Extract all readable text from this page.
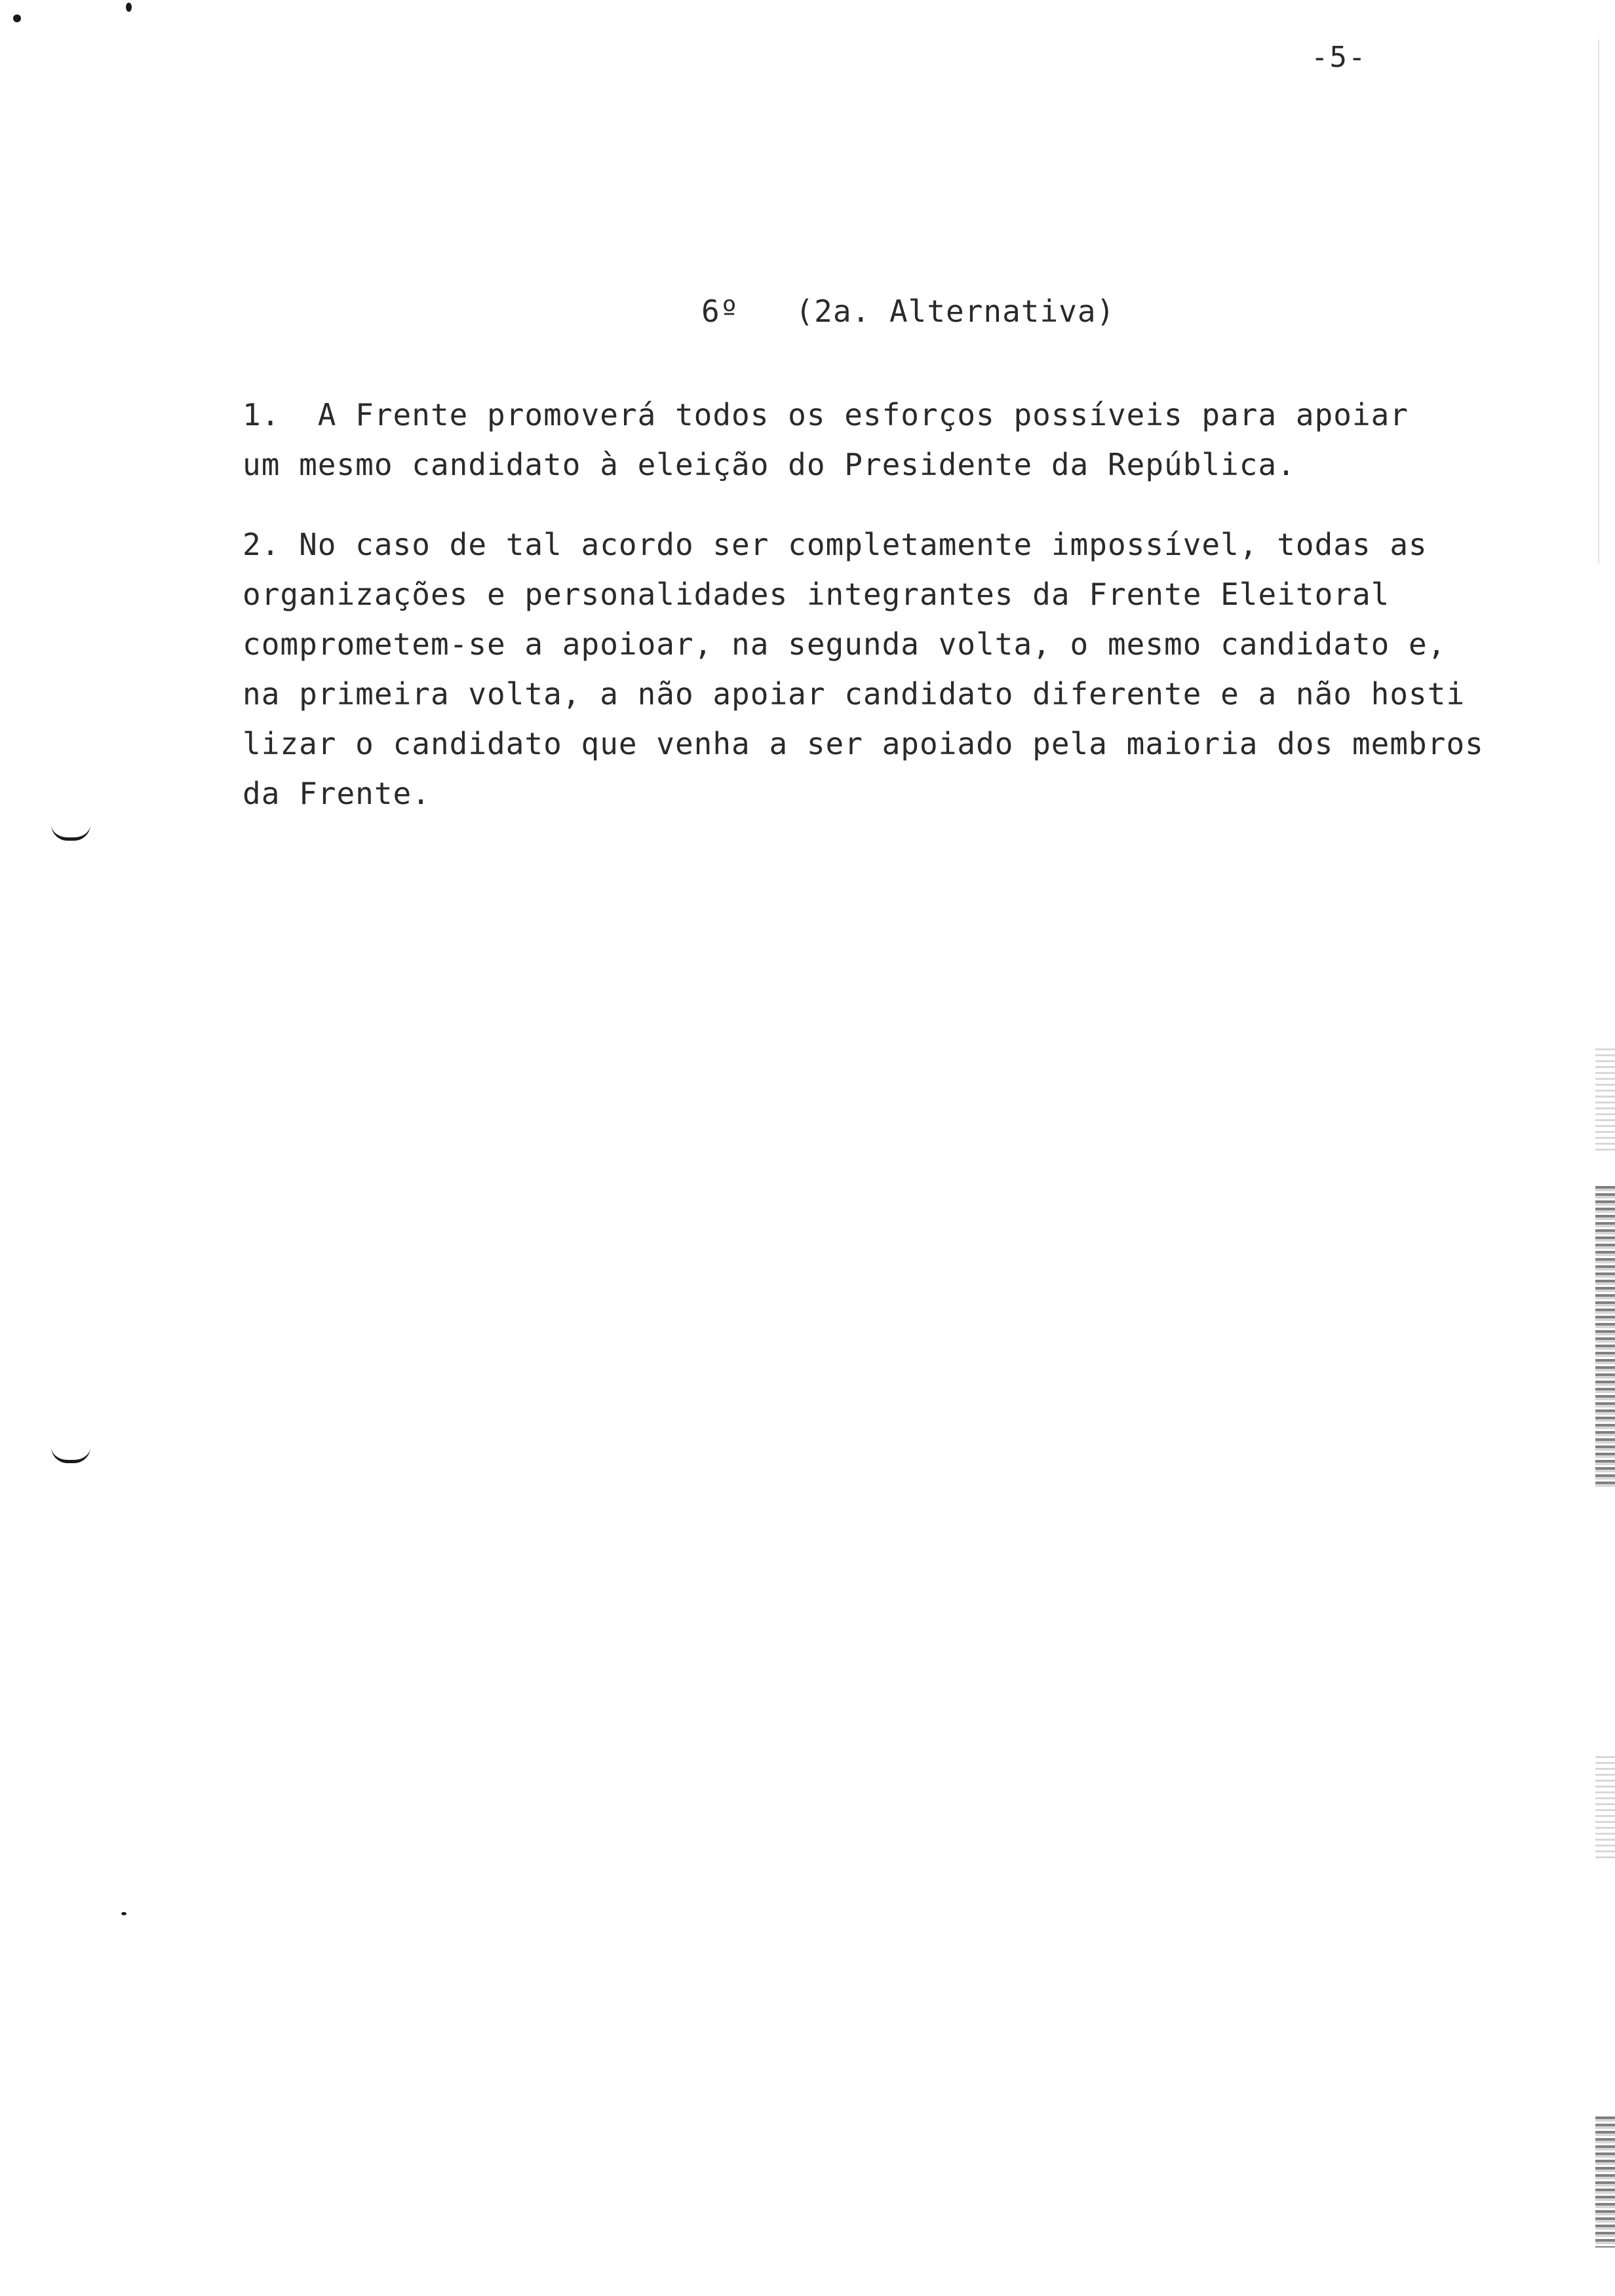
-5-
6º   (2a. Alternativa)
1.  A Frente promoverá todos os esforços possíveis para apoiar
um mesmo candidato à eleição do Presidente da República.
2. No caso de tal acordo ser completamente impossível, todas as
organizações e personalidades integrantes da Frente Eleitoral
comprometem-se a apoioar, na segunda volta, o mesmo candidato e,
na primeira volta, a não apoiar candidato diferente e a não hosti
lizar o candidato que venha a ser apoiado pela maioria dos membros
da Frente.
